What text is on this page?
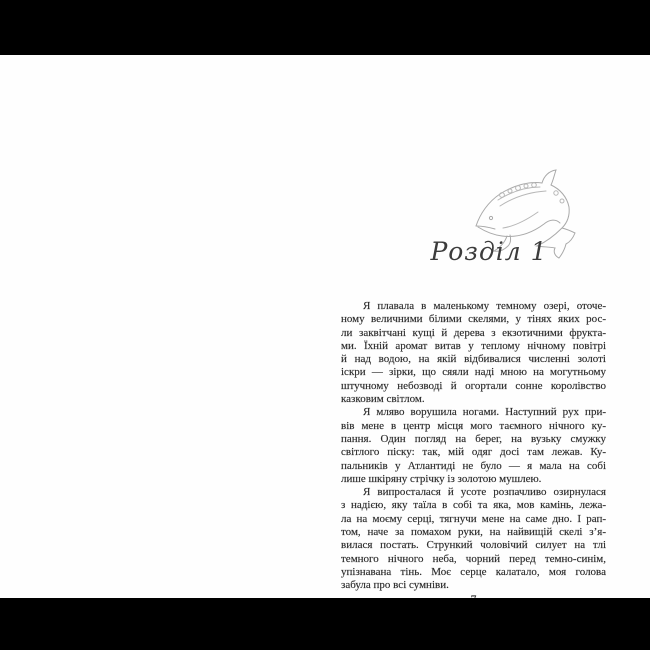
Розділ 1
Я плавала в маленькому темному озері, оточе-
ному величними білими скелями, у тінях яких рос-
ли заквітчані кущі й дерева з екзотичними фрукта-
ми. Їхній аромат витав у теплому нічному повітрі
й над водою, на якій відбивалися численні золоті
іскри — зірки, що сяяли наді мною на могутньому
штучному небозводі й огортали сонне королівство
казковим світлом.
Я мляво ворушила ногами. Наступний рух при-
вів мене в центр місця мого таємного нічного ку-
пання. Один погляд на берег, на вузьку смужку
світлого піску: так, мій одяг досі там лежав. Ку-
пальників у Атлантиді не було — я мала на собі
лише шкіряну стрічку із золотою мушлею.
Я випросталася й усоте розпачливо озирнулася
з надією, яку таїла в собі та яка, мов камінь, лежа-
ла на моєму серці, тягнучи мене на саме дно. І рап-
том, наче за помахом руки, на найвищій скелі з’я-
вилася постать. Стрункий чоловічий силует на тлі
темного нічного неба, чорний перед темно-синім,
упізнавана тінь. Моє серце калатало, моя голова
забула про всі сумніви.
